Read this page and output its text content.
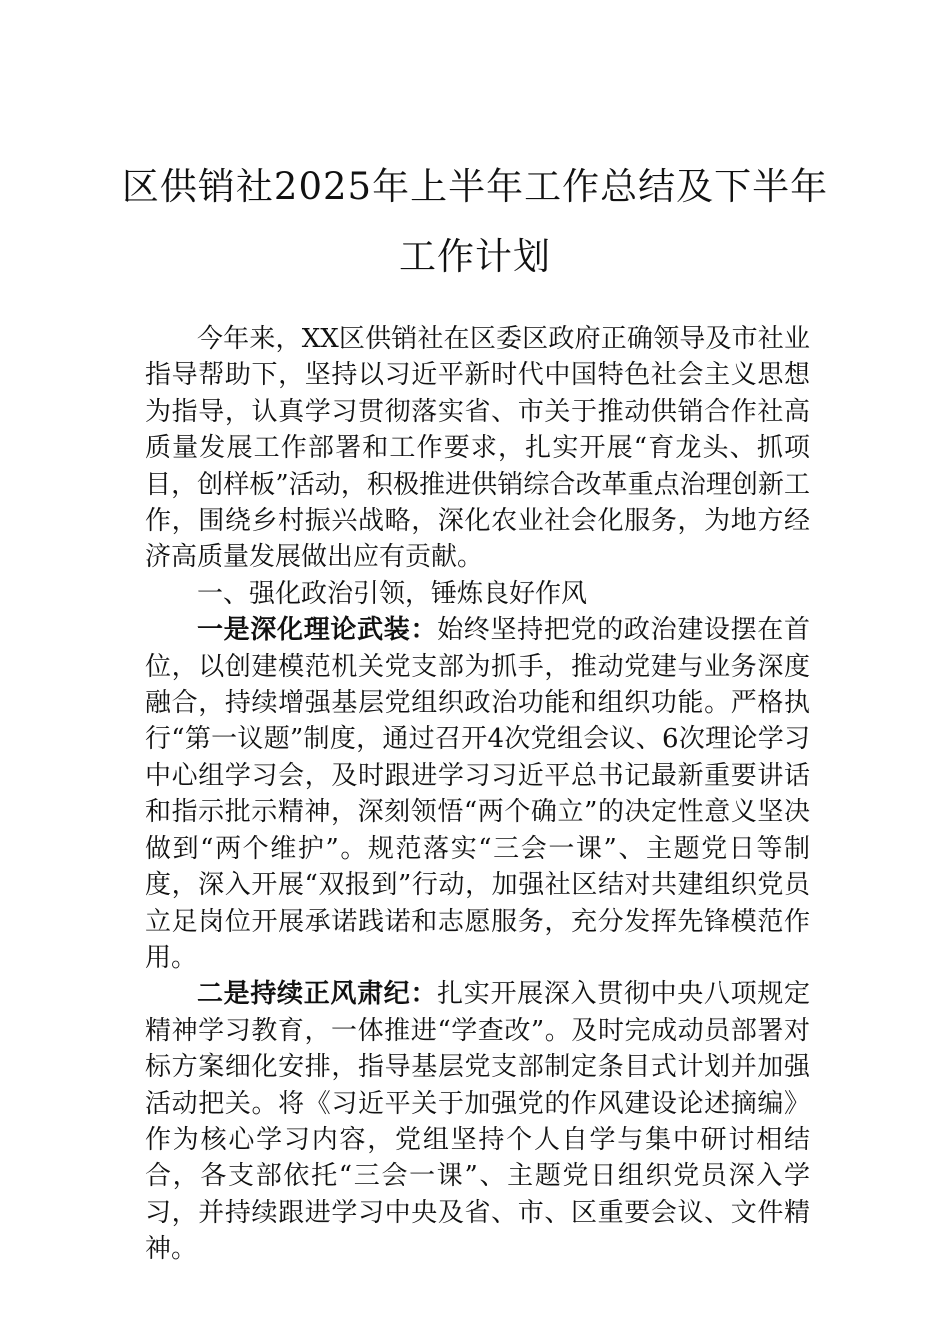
区供销社2025年上半年工作总结及下半年
工作计划

今年来，XX区供销社在区委区政府正确领导及市社业指导帮助下，坚持以习近平新时代中国特色社会主义思想为指导，认真学习贯彻落实省、市关于推动供销合作社高质量发展工作部署和工作要求，扎实开展“育龙头、抓项目，创样板”活动，积极推进供销综合改革重点治理创新工作，围绕乡村振兴战略，深化农业社会化服务，为地方经济高质量发展做出应有贡献。

一、强化政治引领，锤炼良好作风

一是深化理论武装：始终坚持把党的政治建设摆在首位，以创建模范机关党支部为抓手，推动党建与业务深度融合，持续增强基层党组织政治功能和组织功能。严格执行“第一议题”制度，通过召开4次党组会议、6次理论学习中心组学习会，及时跟进学习习近平总书记最新重要讲话和指示批示精神，深刻领悟“两个确立”的决定性意义坚决做到“两个维护”。规范落实“三会一课”、主题党日等制度，深入开展“双报到”行动，加强社区结对共建组织党员立足岗位开展承诺践诺和志愿服务，充分发挥先锋模范作用。

二是持续正风肃纪：扎实开展深入贯彻中央八项规定精神学习教育，一体推进“学查改”。及时完成动员部署对标方案细化安排，指导基层党支部制定条目式计划并加强活动把关。将《习近平关于加强党的作风建设论述摘编》作为核心学习内容，党组坚持个人自学与集中研讨相结合，各支部依托“三会一课”、主题党日组织党员深入学习，并持续跟进学习中央及省、市、区重要会议、文件精神。
